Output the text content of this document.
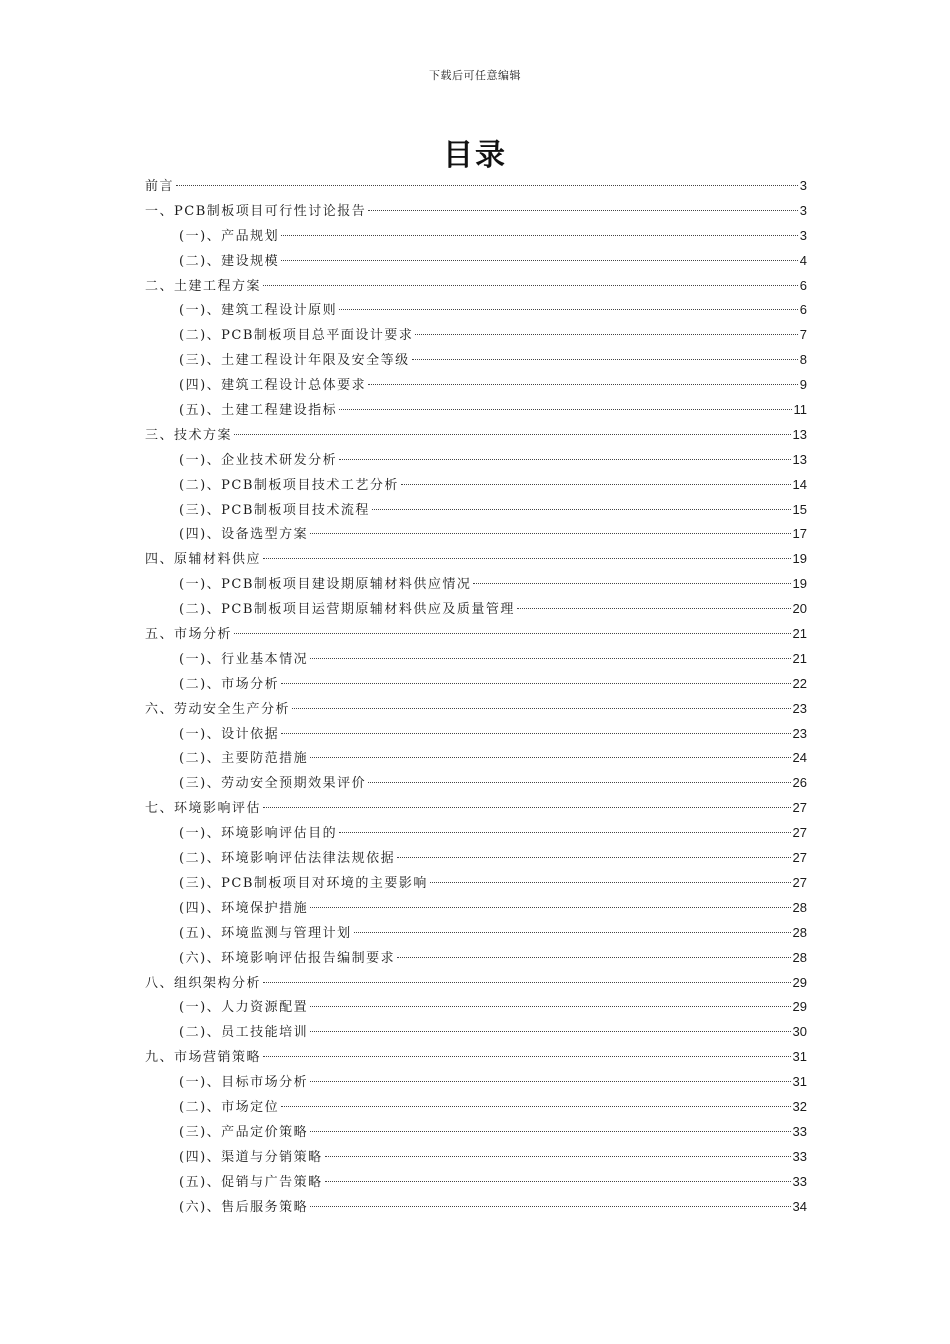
下载后可任意编辑
目录
前言	3
一、PCB制板项目可行性讨论报告	3
(一)、产品规划	3
(二)、建设规模	4
二、土建工程方案	6
(一)、建筑工程设计原则	6
(二)、PCB制板项目总平面设计要求	7
(三)、土建工程设计年限及安全等级	8
(四)、建筑工程设计总体要求	9
(五)、土建工程建设指标	11
三、技术方案	13
(一)、企业技术研发分析	13
(二)、PCB制板项目技术工艺分析	14
(三)、PCB制板项目技术流程	15
(四)、设备选型方案	17
四、原辅材料供应	19
(一)、PCB制板项目建设期原辅材料供应情况	19
(二)、PCB制板项目运营期原辅材料供应及质量管理	20
五、市场分析	21
(一)、行业基本情况	21
(二)、市场分析	22
六、劳动安全生产分析	23
(一)、设计依据	23
(二)、主要防范措施	24
(三)、劳动安全预期效果评价	26
七、环境影响评估	27
(一)、环境影响评估目的	27
(二)、环境影响评估法律法规依据	27
(三)、PCB制板项目对环境的主要影响	27
(四)、环境保护措施	28
(五)、环境监测与管理计划	28
(六)、环境影响评估报告编制要求	28
八、组织架构分析	29
(一)、人力资源配置	29
(二)、员工技能培训	30
九、市场营销策略	31
(一)、目标市场分析	31
(二)、市场定位	32
(三)、产品定价策略	33
(四)、渠道与分销策略	33
(五)、促销与广告策略	33
(六)、售后服务策略	34
